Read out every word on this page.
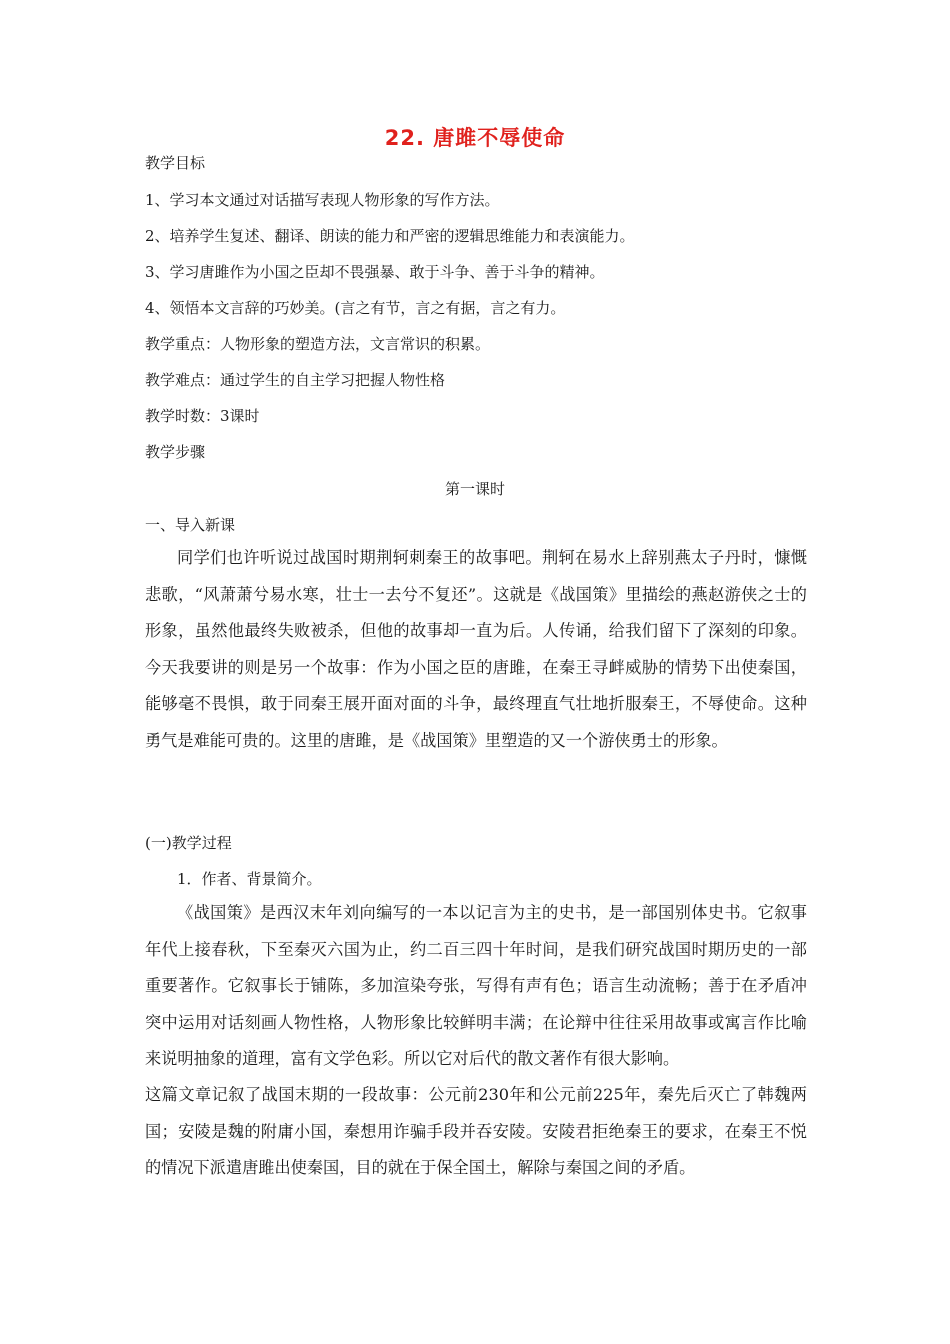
22. 唐雎不辱使命
教学目标
1、学习本文通过对话描写表现人物形象的写作方法。
2、培养学生复述、翻译、朗读的能力和严密的逻辑思维能力和表演能力。
3、学习唐雎作为小国之臣却不畏强暴、敢于斗争、善于斗争的精神。
4、领悟本文言辞的巧妙美。(言之有节，言之有据，言之有力。
教学重点：人物形象的塑造方法，文言常识的积累。
教学难点：通过学生的自主学习把握人物性格
教学时数：3课时
教学步骤
第一课时
一、导入新课
同学们也许听说过战国时期荆轲刺秦王的故事吧。荆轲在易水上辞别燕太子丹时，慷慨悲歌，“风萧萧兮易水寒，壮士一去兮不复还”。这就是《战国策》里描绘的燕赵游侠之士的形象，虽然他最终失败被杀，但他的故事却一直为后。人传诵，给我们留下了深刻的印象。今天我要讲的则是另一个故事：作为小国之臣的唐雎，在秦王寻衅威胁的情势下出使秦国，能够毫不畏惧，敢于同秦王展开面对面的斗争，最终理直气壮地折服秦王，不辱使命。这种勇气是难能可贵的。这里的唐雎，是《战国策》里塑造的又一个游侠勇士的形象。
(一)教学过程
1．作者、背景简介。
《战国策》是西汉末年刘向编写的一本以记言为主的史书，是一部国别体史书。它叙事年代上接春秋，下至秦灭六国为止，约二百三四十年时间，是我们研究战国时期历史的一部重要著作。它叙事长于铺陈，多加渲染夸张，写得有声有色；语言生动流畅；善于在矛盾冲突中运用对话刻画人物性格，人物形象比较鲜明丰满；在论辩中往往采用故事或寓言作比喻来说明抽象的道理，富有文学色彩。所以它对后代的散文著作有很大影响。
这篇文章记叙了战国末期的一段故事：公元前230年和公元前225年，秦先后灭亡了韩魏两国；安陵是魏的附庸小国，秦想用诈骗手段并吞安陵。安陵君拒绝秦王的要求，在秦王不悦的情况下派遣唐雎出使秦国，目的就在于保全国土，解除与秦国之间的矛盾。
